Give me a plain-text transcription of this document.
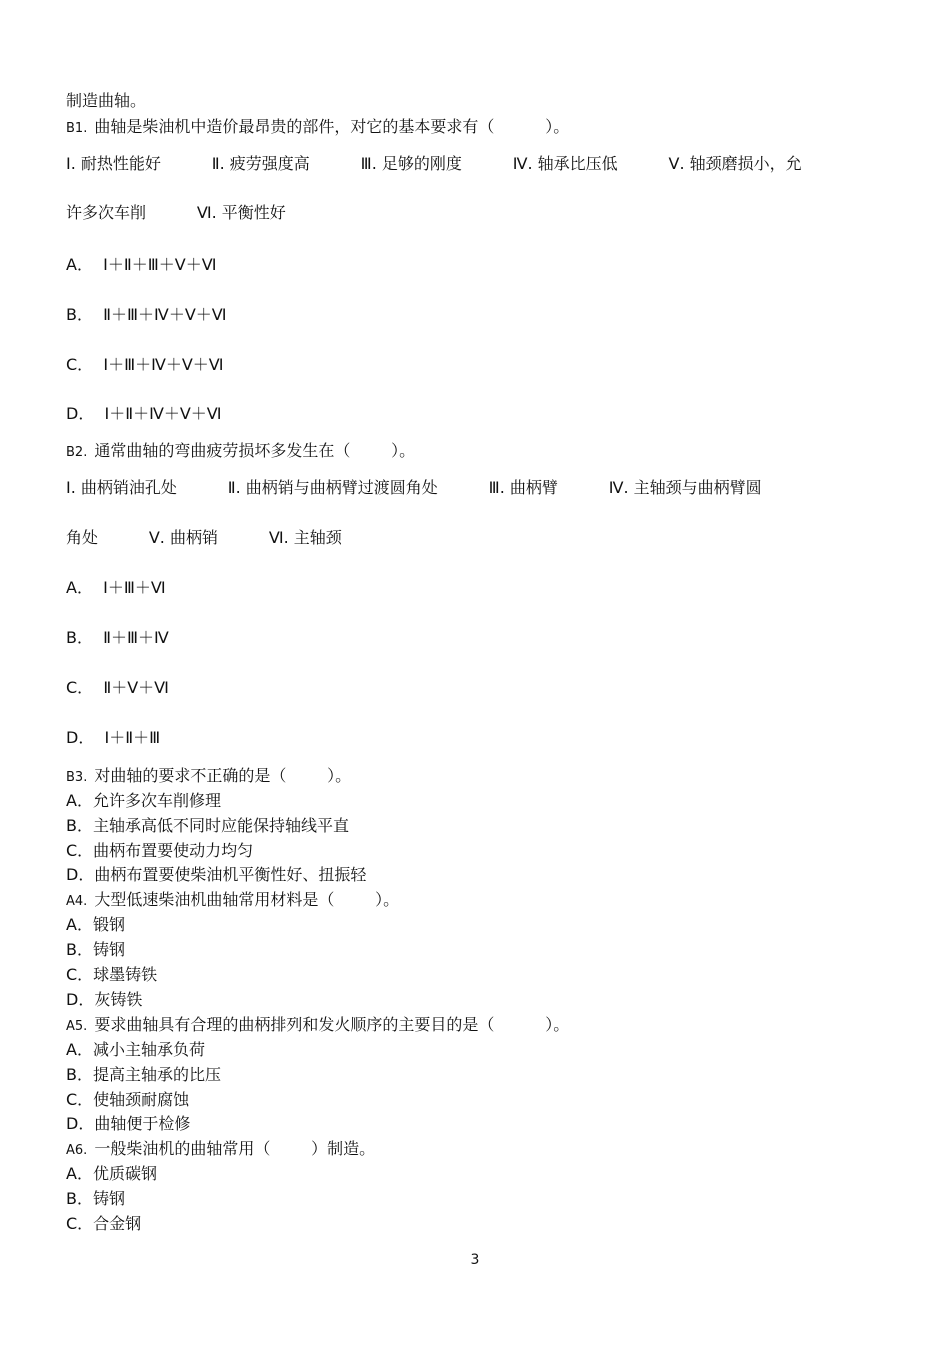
制造曲轴。
B1. 曲轴是柴油机中造价最昂贵的部件，对它的基本要求有（          ）。
Ⅰ. 耐热性能好          Ⅱ. 疲劳强度高          Ⅲ. 足够的刚度          Ⅳ. 轴承比压低          Ⅴ. 轴颈磨损小，允
许多次车削          Ⅵ. 平衡性好
A．  Ⅰ＋Ⅱ＋Ⅲ＋Ⅴ＋Ⅵ
B．  Ⅱ＋Ⅲ＋Ⅳ＋Ⅴ＋Ⅵ
C．  Ⅰ＋Ⅲ＋Ⅳ＋Ⅴ＋Ⅵ
D．  Ⅰ＋Ⅱ＋Ⅳ＋Ⅴ＋Ⅵ
B2. 通常曲轴的弯曲疲劳损坏多发生在（        ）。
Ⅰ. 曲柄销油孔处          Ⅱ. 曲柄销与曲柄臂过渡圆角处          Ⅲ. 曲柄臂          Ⅳ. 主轴颈与曲柄臂圆
角处          Ⅴ. 曲柄销          Ⅵ. 主轴颈
A．  Ⅰ＋Ⅲ＋Ⅵ
B．  Ⅱ＋Ⅲ＋Ⅳ
C．  Ⅱ＋Ⅴ＋Ⅵ
D．  Ⅰ＋Ⅱ＋Ⅲ
B3. 对曲轴的要求不正确的是（        ）。
A．允许多次车削修理
B．主轴承高低不同时应能保持轴线平直
C．曲柄布置要使动力均匀
D．曲柄布置要使柴油机平衡性好、扭振轻
A4. 大型低速柴油机曲轴常用材料是（        ）。
A．锻钢
B．铸钢
C．球墨铸铁
D．灰铸铁
A5. 要求曲轴具有合理的曲柄排列和发火顺序的主要目的是（          ）。
A．减小主轴承负荷
B．提高主轴承的比压
C．使轴颈耐腐蚀
D．曲轴便于检修
A6. 一般柴油机的曲轴常用（        ）制造。
A．优质碳钢
B．铸钢
C．合金钢
3
